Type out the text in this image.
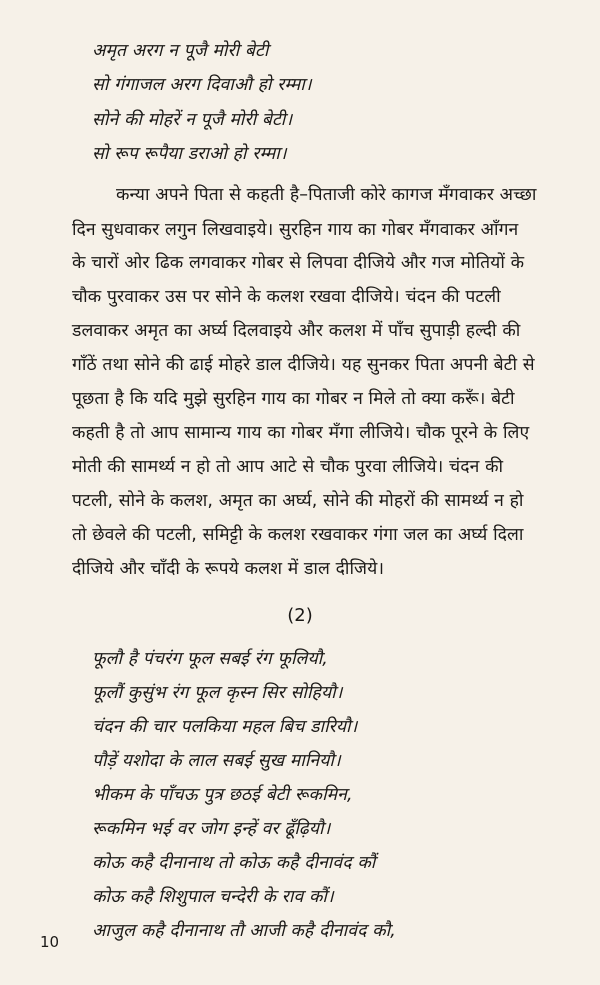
अमृत अरग न पूजै मोरी बेटी
सो गंगाजल अरग दिवाऔ हो रम्मा।
सोने की मोहरें न पूजै मोरी बेटी।
सो रूप रूपैया डराओ हो रम्मा।
कन्या अपने पिता से कहती है–पिताजी कोरे कागज मँगवाकर अच्छा
दिन सुधवाकर लगुन लिखवाइये। सुरहिन गाय का गोबर मँगवाकर आँगन
के चारों ओर ढिक लगवाकर गोबर से लिपवा दीजिये और गज मोतियों के
चौक पुरवाकर उस पर सोने के कलश रखवा दीजिये। चंदन की पटली
डलवाकर अमृत का अर्घ्य दिलवाइये और कलश में पाँच सुपाड़ी हल्दी की
गाँठें तथा सोने की ढाई मोहरे डाल दीजिये। यह सुनकर पिता अपनी बेटी से
पूछता है कि यदि मुझे सुरहिन गाय का गोबर न मिले तो क्या करूँ। बेटी
कहती है तो आप सामान्य गाय का गोबर मँगा लीजिये। चौक पूरने के लिए
मोती की सामर्थ्य न हो तो आप आटे से चौक पुरवा लीजिये। चंदन की
पटली, सोने के कलश, अमृत का अर्घ्य, सोने की मोहरों की सामर्थ्य न हो
तो छेवले की पटली, समिट्टी के कलश रखवाकर गंगा जल का अर्घ्य दिला
दीजिये और चाँदी के रूपये कलश में डाल दीजिये।
(2)
फूलौ है पंचरंग फूल सबई रंग फूलियौ,
फूलौं कुसुंभ रंग फूल कृस्न सिर सोहियौ।
चंदन की चार पलकिया महल बिच डारियौ।
पौड़ें यशोदा के लाल सबई सुख मानियौ।
भीकम के पाँचऊ पुत्र छठई बेटी रूकमिन,
रूकमिन भई वर जोग इन्हें वर ढूँढ़ियौ।
कोऊ कहै दीनानाथ तो कोऊ कहै दीनावंद कौं
कोऊ कहै शिशुपाल चन्देरी के राव कौं।
आजुल कहै दीनानाथ तौ आजी कहै दीनावंद कौ,
10
